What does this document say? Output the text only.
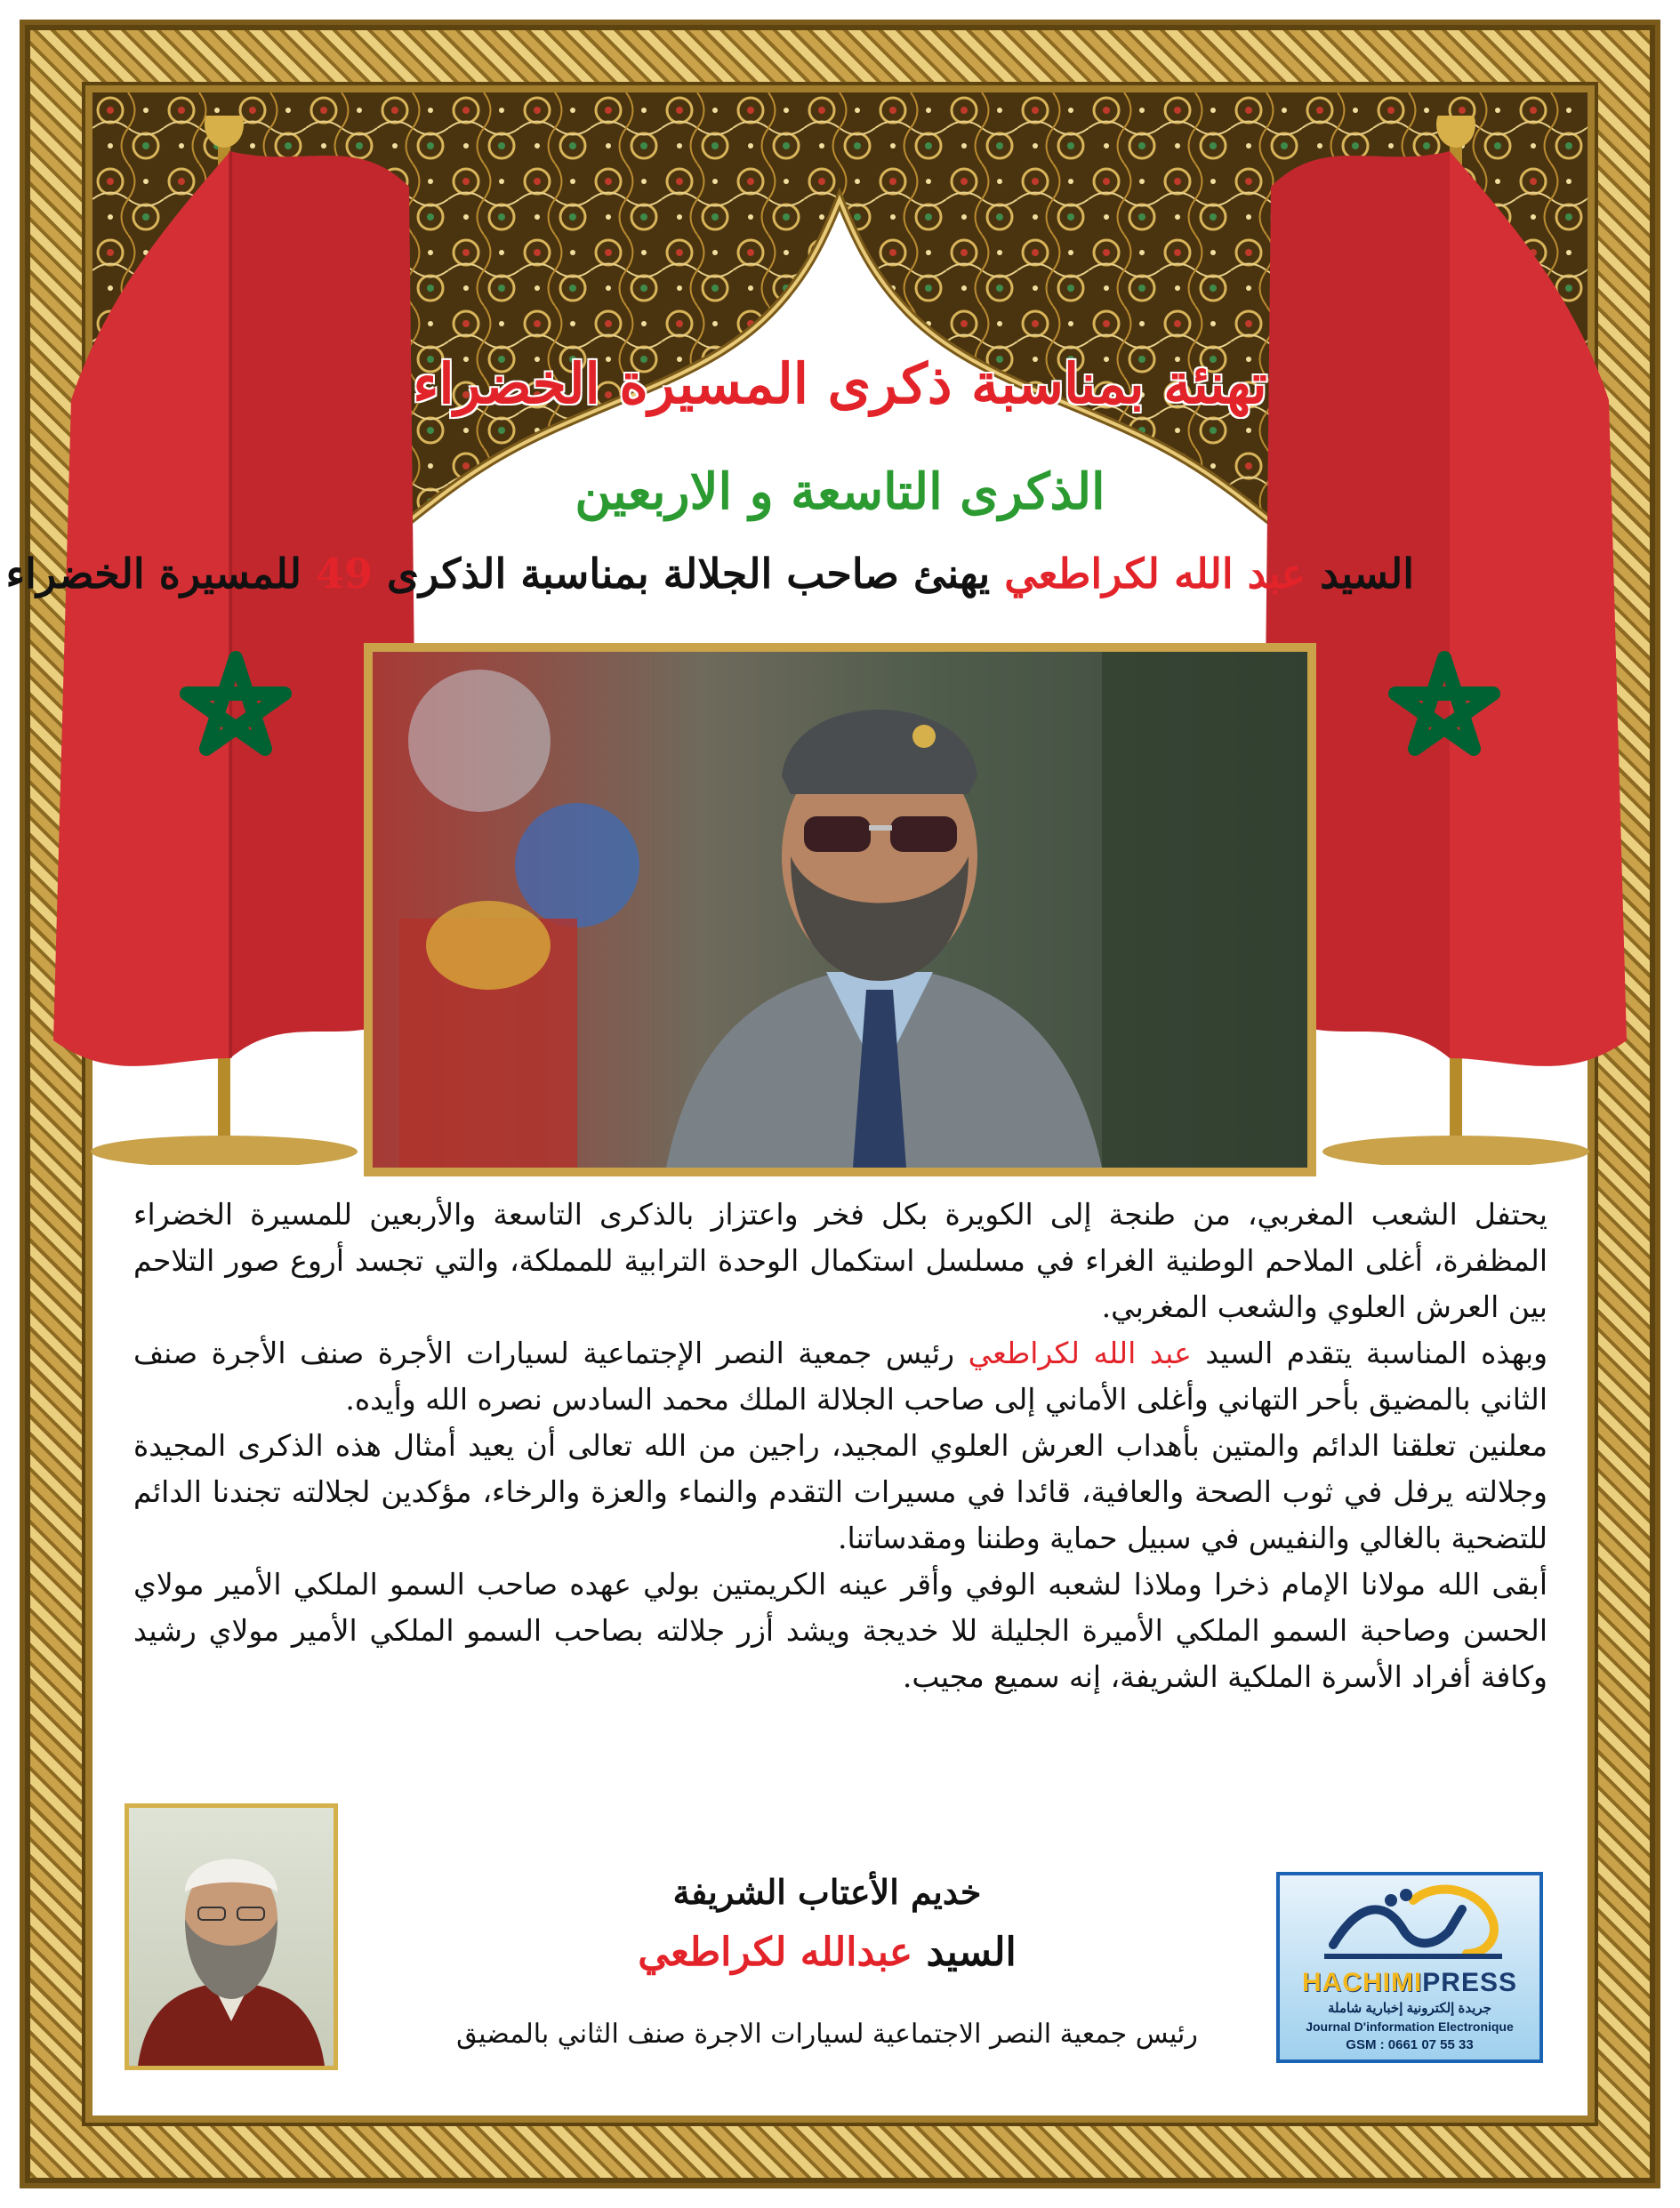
تهنئة بمناسبة ذكرى المسيرة الخضراء
الذكرى التاسعة و الاربعين
السيد عبد الله لكراطعي يهنئ صاحب الجلالة بمناسبة الذكرى 49 للمسيرة الخضراء

يحتفل الشعب المغربي، من طنجة إلى الكويرة بكل فخر واعتزاز بالذكرى التاسعة والأربعين للمسيرة الخضراء المظفرة، أغلى الملاحم الوطنية الغراء في مسلسل استكمال الوحدة الترابية للمملكة، والتي تجسد أروع صور التلاحم بين العرش العلوي والشعب المغربي.

وبهذه المناسبة يتقدم السيد عبد الله لكراطعي رئيس جمعية النصر الإجتماعية لسيارات الأجرة صنف الأجرة صنف الثاني بالمضيق بأحر التهاني وأغلى الأماني إلى صاحب الجلالة الملك محمد السادس نصره الله وأيده.

معلنين تعلقنا الدائم والمتين بأهداب العرش العلوي المجيد، راجين من الله تعالى أن يعيد أمثال هذه الذكرى المجيدة وجلالته يرفل في ثوب الصحة والعافية، قائدا في مسيرات التقدم والنماء والعزة والرخاء، مؤكدين لجلالته تجندنا الدائم للتضحية بالغالي والنفيس في سبيل حماية وطننا ومقدساتنا.

أبقى الله مولانا الإمام ذخرا وملاذا لشعبه الوفي وأقر عينه الكريمتين بولي عهده صاحب السمو الملكي الأمير مولاي الحسن وصاحبة السمو الملكي الأميرة الجليلة للا خديجة ويشد أزر جلالته بصاحب السمو الملكي الأمير مولاي رشيد وكافة أفراد الأسرة الملكية الشريفة، إنه سميع مجيب.

خديم الأعتاب الشريفة
السيد عبدالله لكراطعي
رئيس جمعية النصر الاجتماعية لسيارات الاجرة صنف الثاني بالمضيق
HACHIMIPRESS
جريدة إلكترونية إخبارية شاملة
Journal D'information Electronique
GSM : 0661 07 55 33
